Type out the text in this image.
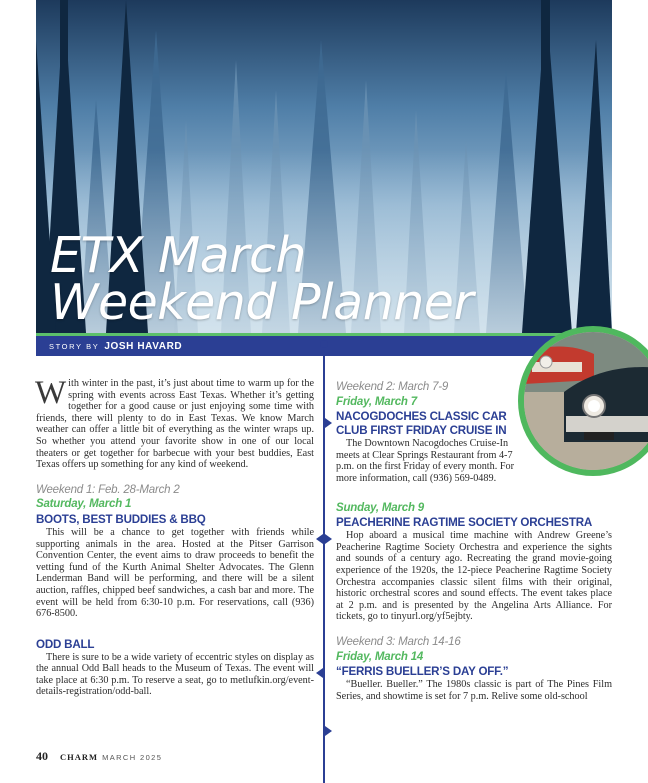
ETX March
Weekend Planner
STORY BY JOSH HAVARD

With winter in the past, it’s just about time to warm up for the spring with events across East Texas. Whether it’s getting together for a good cause or just enjoying some time with friends, there will plenty to do in East Texas. We know March weather can offer a little bit of everything as the winter wraps up. So whether you attend your favorite show in one of our local theaters or get together for barbecue with your best buddies, East Texas offers up something for any kind of weekend.

Weekend 1: Feb. 28-March 2
Saturday, March 1
BOOTS, BEST BUDDIES & BBQ

This will be a chance to get together with friends while supporting animals in the area. Hosted at the Pitser Garrison Convention Center, the event aims to draw proceeds to benefit the vetting fund of the Kurth Animal Shelter Advocates. The Glenn Lenderman Band will be performing, and there will be a silent auction, raffles, chipped beef sandwiches, a cash bar and more. The event will be held from 6:30-10 p.m. For reservations, call (936) 676-8500.

ODD BALL

There is sure to be a wide variety of eccentric styles on display as the annual Odd Ball heads to the Museum of Texas. The event will take place at 6:30 p.m. To reserve a seat, go to metlufkin.org/event-details-registration/odd-ball.

Weekend 2: March 7-9
Friday, March 7
NACOGDOCHES CLASSIC CAR
CLUB FIRST FRIDAY CRUISE IN

The Downtown Nacogdoches Cruise-In meets at Clear Springs Restaurant from 4-7 p.m. on the first Friday of every month. For more information, call (936) 569-0489.

Sunday, March 9
PEACHERINE RAGTIME SOCIETY ORCHESTRA

Hop aboard a musical time machine with Andrew Greene’s Peacherine Ragtime Society Orchestra and experience the sights and sounds of a century ago. Recreating the grand movie-going experience of the 1920s, the 12-piece Peacherine Ragtime Society Orchestra accompanies classic silent films with their original, historic orchestral scores and sound effects. The event takes place at 2 p.m. and is presented by the Angelina Arts Alliance. For tickets, go to tinyurl.org/yf5ejbty.

Weekend 3: March 14-16
Friday, March 14
“FERRIS BUELLER’S DAY OFF.”

“Bueller. Bueller.” The 1980s classic is part of The Pines Film Series, and showtime is set for 7 p.m. Relive some old-school

40 CHARM MARCH 2025
